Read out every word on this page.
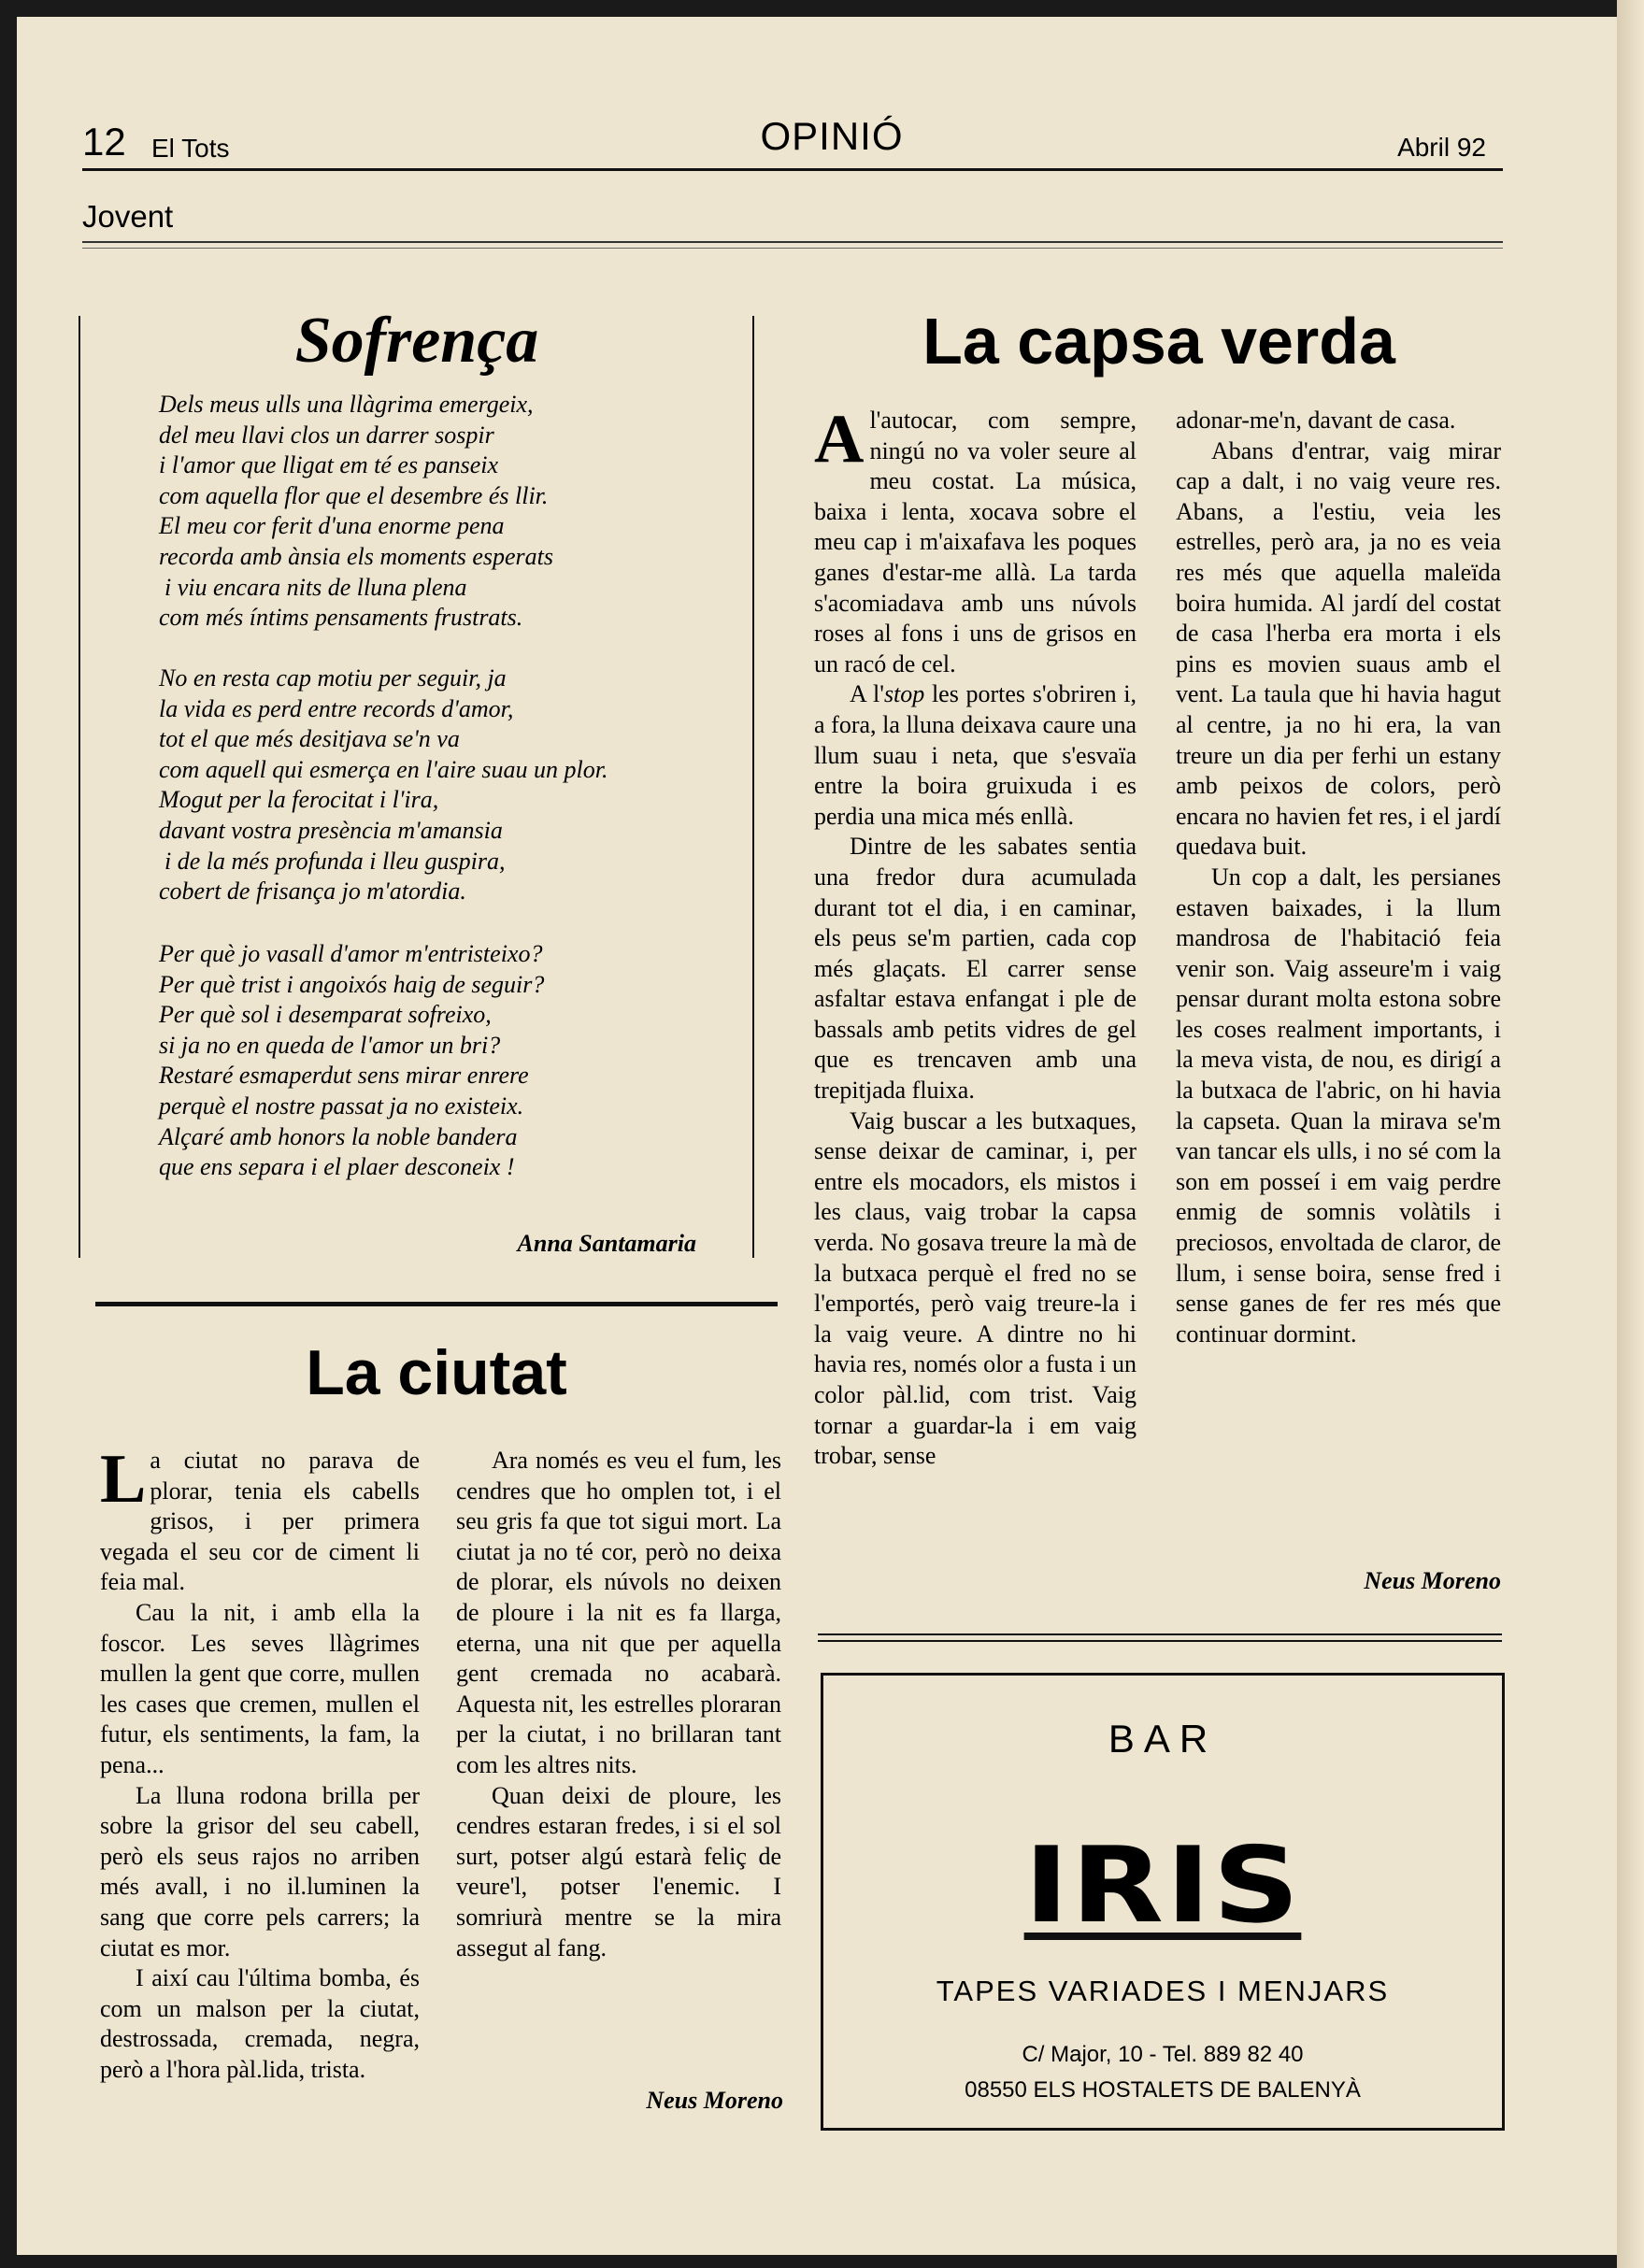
12 El Tots	OPINIÓ	Abril 92
Jovent
Sofrença

Dels meus ulls una llàgrima emergeix,

del meu llavi clos un darrer sospir

i l'amor que lligat em té es panseix

com aquella flor que el desembre és llir.

El meu cor ferit d'una enorme pena

recorda amb ànsia els moments esperats

i viu encara nits de lluna plena

com més íntims pensaments frustrats.

No en resta cap motiu per seguir, ja

la vida es perd entre records d'amor,

tot el que més desitjava se'n va

com aquell qui esmerça en l'aire suau un plor.

Mogut per la ferocitat i l'ira,

davant vostra presència m'amansia

i de la més profunda i lleu guspira,

cobert de frisança jo m'atordia.

Per què jo vasall d'amor m'entristeixo?

Per què trist i angoixós haig de seguir?

Per què sol i desemparat sofreixo,

si ja no en queda de l'amor un bri?

Restaré esmaperdut sens mirar enrere

perquè el nostre passat ja no existeix.

Alçaré amb honors la noble bandera

que ens separa i el plaer desconeix !

Anna Santamaria
La ciutat

La ciutat no parava de plorar, tenia els cabells grisos, i per primera vegada el seu cor de ciment li feia mal.

Cau la nit, i amb ella la foscor. Les seves llàgrimes mullen la gent que corre, mullen les cases que cremen, mullen el futur, els sentiments, la fam, la pena...

La lluna rodona brilla per sobre la grisor del seu cabell, però els seus rajos no arriben més avall, i no il.luminen la sang que corre pels carrers; la ciutat es mor.

I així cau l'última bomba, és com un malson per la ciutat, destrossada, cremada, negra, però a l'hora pàl.lida, trista.

Ara només es veu el fum, les cendres que ho omplen tot, i el seu gris fa que tot sigui mort. La ciutat ja no té cor, però no deixa de plorar, els núvols no deixen de ploure i la nit es fa llarga, eterna, una nit que per aquella gent cremada no acabarà. Aquesta nit, les estrelles ploraran per la ciutat, i no brillaran tant com les altres nits.

Quan deixi de ploure, les cendres estaran fredes, i si el sol surt, potser algú estarà feliç de veure'l, potser l'enemic. I somriurà mentre se la mira assegut al fang.

Neus Moreno
La capsa verda

Al'autocar, com sempre, ningú no va voler seure al meu costat. La música, baixa i lenta, xocava sobre el meu cap i m'aixafava les poques ganes d'estar-me allà. La tarda s'acomiadava amb uns núvols roses al fons i uns de grisos en un racó de cel.

A l'stop les portes s'obriren i, a fora, la lluna deixava caure una llum suau i neta, que s'esvaïa entre la boira gruixuda i es perdia una mica més enllà.

Dintre de les sabates sentia una fredor dura acumulada durant tot el dia, i en caminar, els peus se'm partien, cada cop més glaçats. El carrer sense asfaltar estava enfangat i ple de bassals amb petits vidres de gel que es trencaven amb una trepitjada fluixa.

Vaig buscar a les butxaques, sense deixar de caminar, i, per entre els mocadors, els mistos i les claus, vaig trobar la capsa verda. No gosava treure la mà de la butxaca perquè el fred no se l'emportés, però vaig treure-la i la vaig veure. A dintre no hi havia res, només olor a fusta i un color pàl.lid, com trist. Vaig tornar a guardar-la i em vaig trobar, sense

adonar-me'n, davant de casa.

Abans d'entrar, vaig mirar cap a dalt, i no vaig veure res. Abans, a l'estiu, veia les estrelles, però ara, ja no es veia res més que aquella maleïda boira humida. Al jardí del costat de casa l'herba era morta i els pins es movien suaus amb el vent. La taula que hi havia hagut al centre, ja no hi era, la van treure un dia per ferhi un estany amb peixos de colors, però encara no havien fet res, i el jardí quedava buit.

Un cop a dalt, les persianes estaven baixades, i la llum mandrosa de l'habitació feia venir son. Vaig asseure'm i vaig pensar durant molta estona sobre les coses realment importants, i la meva vista, de nou, es dirigí a la butxaca de l'abric, on hi havia la capseta. Quan la mirava se'm van tancar els ulls, i no sé com la son em posseí i em vaig perdre enmig de somnis volàtils i preciosos, envoltada de claror, de llum, i sense boira, sense fred i sense ganes de fer res més que continuar dormint.

Neus Moreno
BAR
IRIS
TAPES VARIADES I MENJARS
C/ Major, 10 - Tel. 889 82 40
08550 ELS HOSTALETS DE BALENYÀ
